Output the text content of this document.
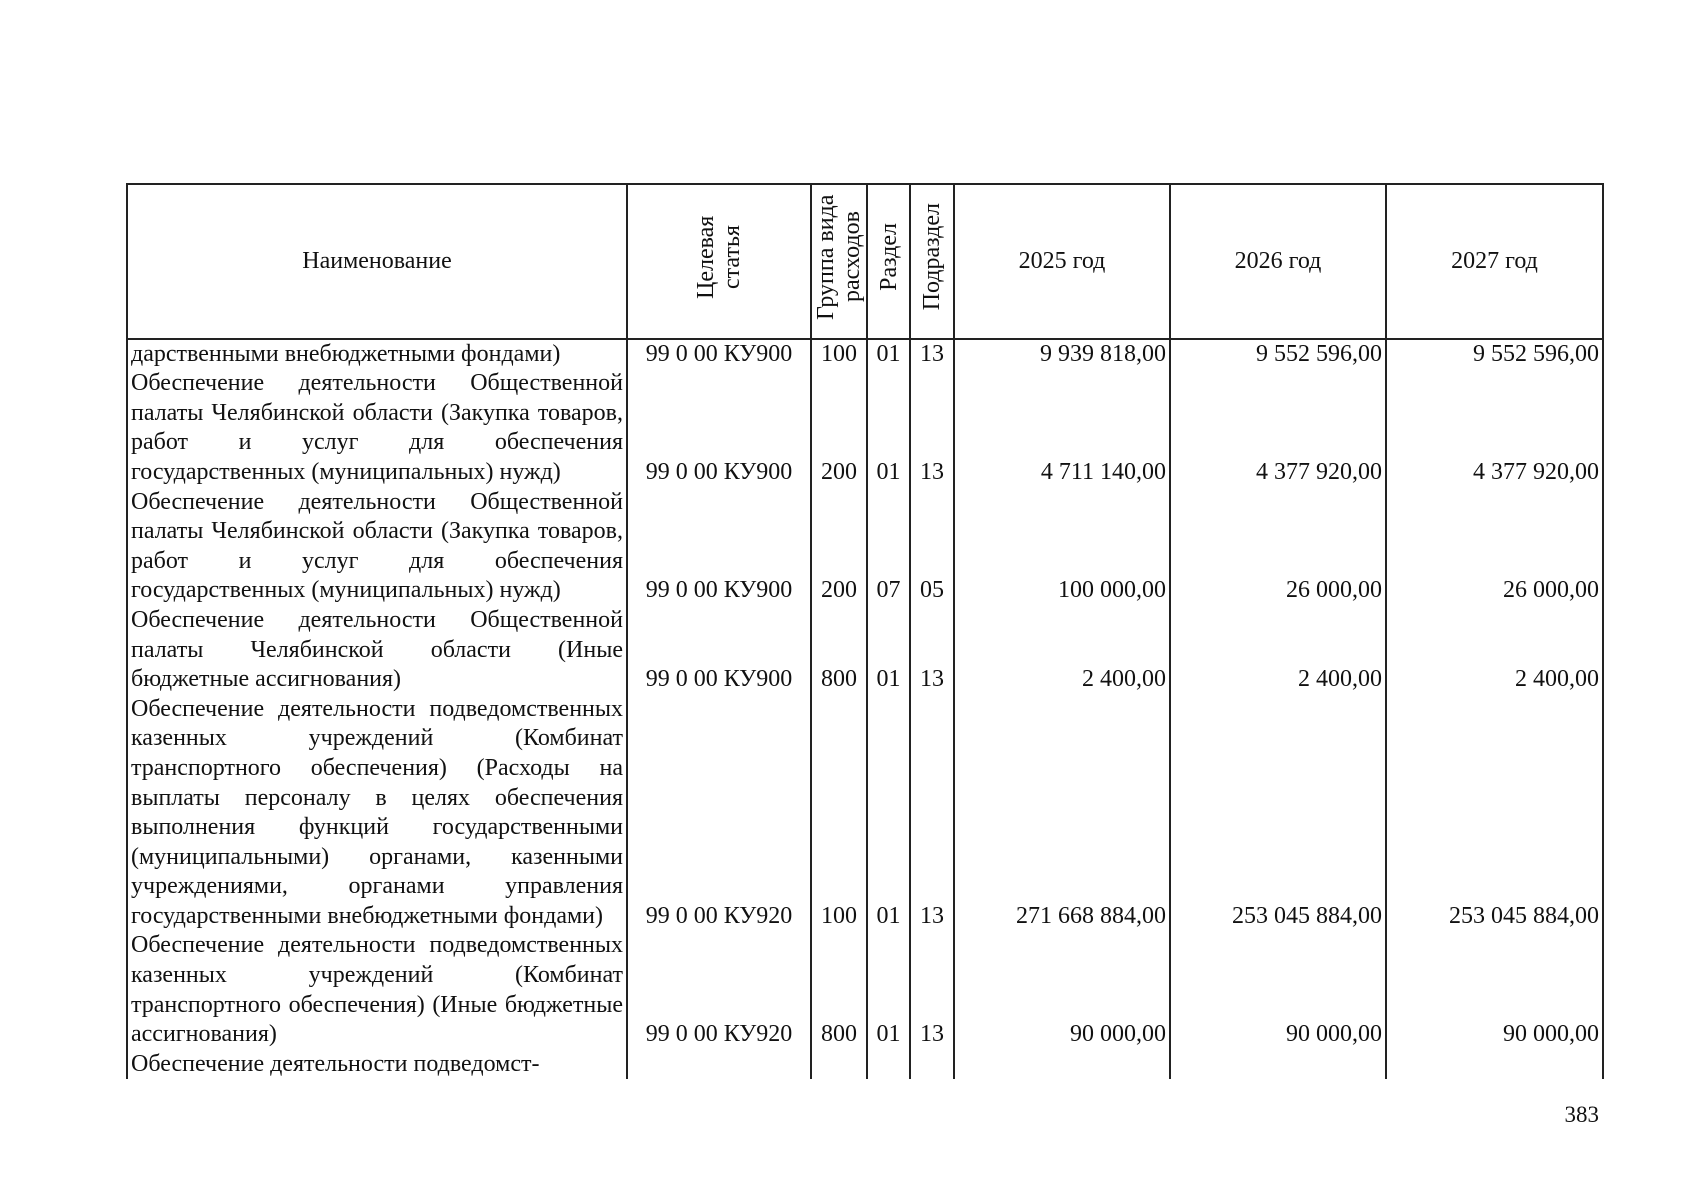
Наименование	Целевая статья	Группа вида расходов	Раздел	Подраздел	2025 год	2026 год	2027 год
дарственными внебюджетными фондами)	99 0 00 КУ900	100	01	13	9 939 818,00	9 552 596,00	9 552 596,00
Обеспечение деятельности Общественной палаты Челябинской области (Закупка товаров, работ и услуг для обеспечения государственных (муниципальных) нужд)	99 0 00 КУ900	200	01	13	4 711 140,00	4 377 920,00	4 377 920,00
Обеспечение деятельности Общественной палаты Челябинской области (Закупка товаров, работ и услуг для обеспечения государственных (муниципальных) нужд)	99 0 00 КУ900	200	07	05	100 000,00	26 000,00	26 000,00
Обеспечение деятельности Общественной палаты Челябинской области (Иные бюджетные ассигнования)	99 0 00 КУ900	800	01	13	2 400,00	2 400,00	2 400,00
Обеспечение деятельности подведомственных казенных учреждений (Комбинат транспортного обеспечения) (Расходы на выплаты персоналу в целях обеспечения выполнения функций государственными (муниципальными) органами, казенными учреждениями, органами управления государственными внебюджетными фондами)	99 0 00 КУ920	100	01	13	271 668 884,00	253 045 884,00	253 045 884,00
Обеспечение деятельности подведомственных казенных учреждений (Комбинат транспортного обеспечения) (Иные бюджетные ассигнования)	99 0 00 КУ920	800	01	13	90 000,00	90 000,00	90 000,00
Обеспечение деятельности подведомст-							
383
